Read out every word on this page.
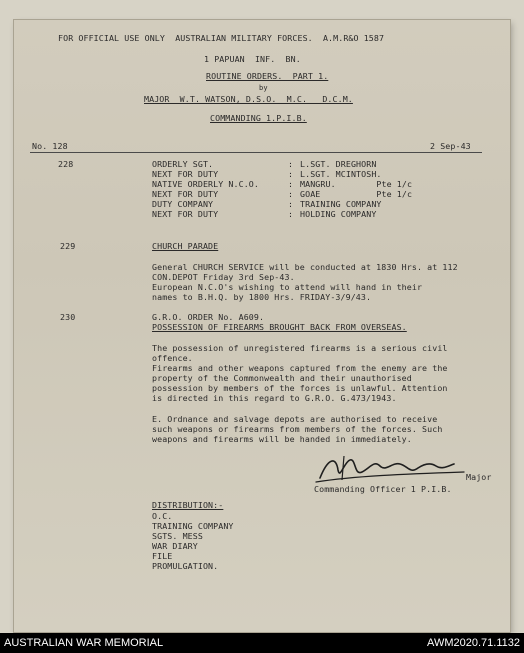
FOR OFFICIAL USE ONLY  AUSTRALIAN MILITARY FORCES.  A.M.R&O 1587
1 PAPUAN  INF.  BN.
ROUTINE ORDERS.  PART 1.
by
MAJOR  W.T. WATSON, D.S.O.  M.C.   D.C.M.
COMMANDING 1.P.I.B.
No. 128	2 Sep-43
228	ORDERLY SGT.	: L.SGT. DREGHORN
NEXT FOR DUTY	: L.SGT. MCINTOSH.
NATIVE ORDERLY N.C.O.	: MANGRU.        Pte 1/c
NEXT FOR DUTY	: GOAE           Pte 1/c
DUTY COMPANY	: TRAINING COMPANY
NEXT FOR DUTY	: HOLDING COMPANY
229	CHURCH PARADE
General CHURCH SERVICE will be conducted at 1830 Hrs. at 112
CON.DEPOT Friday 3rd Sep-43.
European N.C.O's wishing to attend will hand in their
names to B.H.Q. by 1800 Hrs. FRIDAY-3/9/43.
230	G.R.O. ORDER No. A609.
POSSESSION OF FIREARMS BROUGHT BACK FROM OVERSEAS.
The possession of unregistered firearms is a serious civil
offence.
Firearms and other weapons captured from the enemy are the
property of the Commonwealth and their unauthorised
possession by members of the forces is unlawful. Attention
is directed in this regard to G.R.O. G.473/1943.
E. Ordnance and salvage depots are authorised to receive
such weapons or firearms from members of the forces. Such
weapons and firearms will be handed in immediately.
Major
Commanding Officer 1 P.I.B.
DISTRIBUTION:-
O.C.
TRAINING COMPANY
SGTS. MESS
WAR DIARY
FILE
PROMULGATION.
AUSTRALIAN WAR MEMORIAL	AWM2020.71.1132
